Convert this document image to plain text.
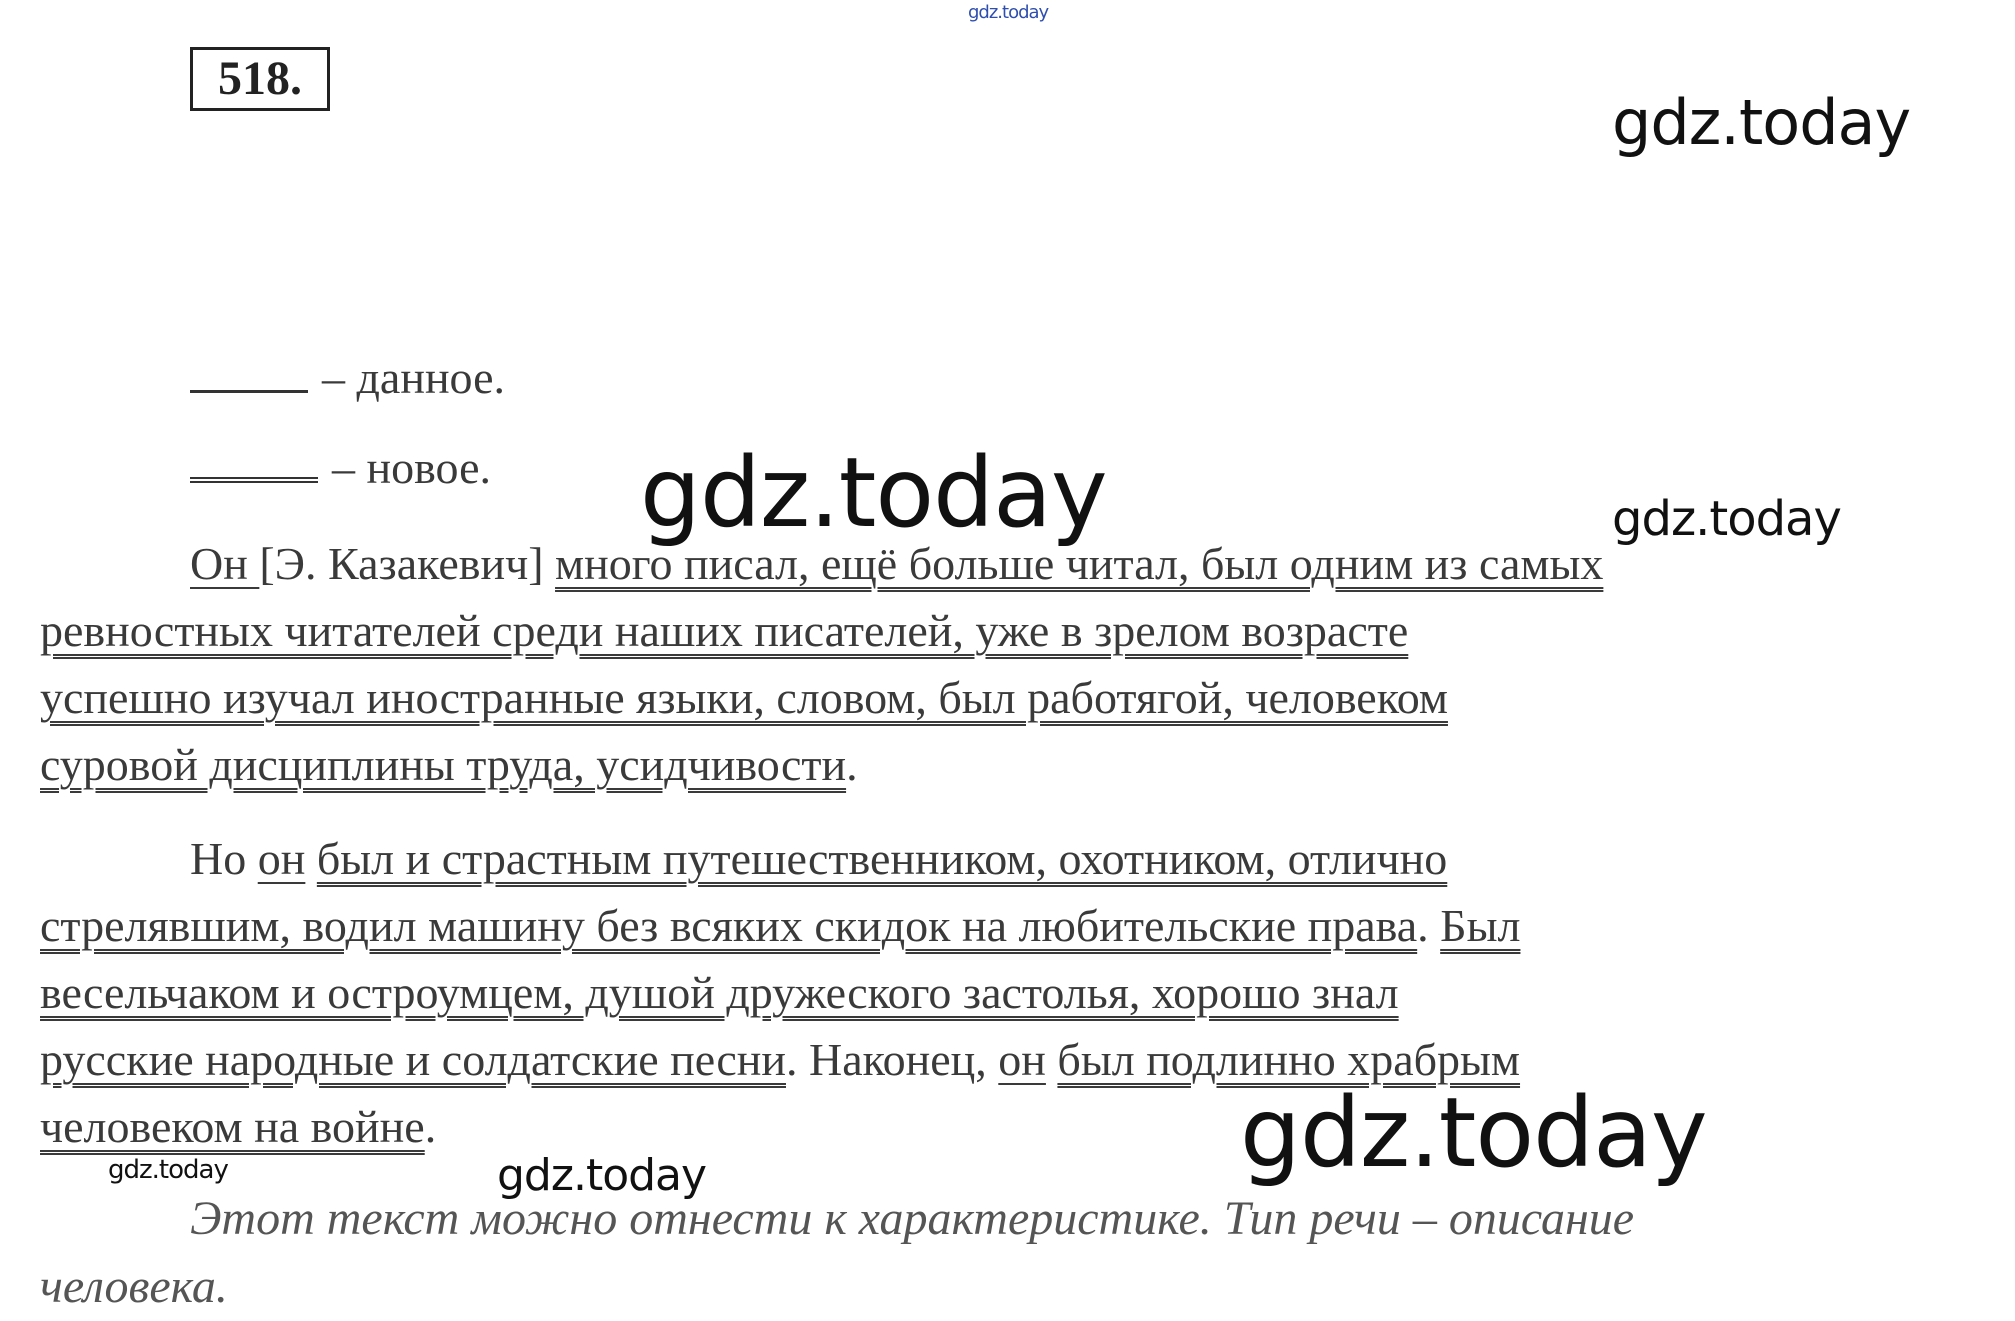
518.
– данное.
– новое.
Он [Э. Казакевич] много писал, ещё больше читал, был одним из самых
ревностных читателей среди наших писателей, уже в зрелом возрасте
успешно изучал иностранные языки, словом, был работягой, человеком
суровой дисциплины труда, усидчивости.
Но он был и страстным путешественником, охотником, отлично
стрелявшим, водил машину без всяких скидок на любительские права. Был
весельчаком и остроумцем, душой дружеского застолья, хорошо знал
русские народные и солдатские песни. Наконец, он был подлинно храбрым
человеком на войне.
Этот текст можно отнести к характеристике. Тип речи – описание
человека.
gdz.today
gdz.today
gdz.today	gdz.today
gdz.today
gdz.today	gdz.today
